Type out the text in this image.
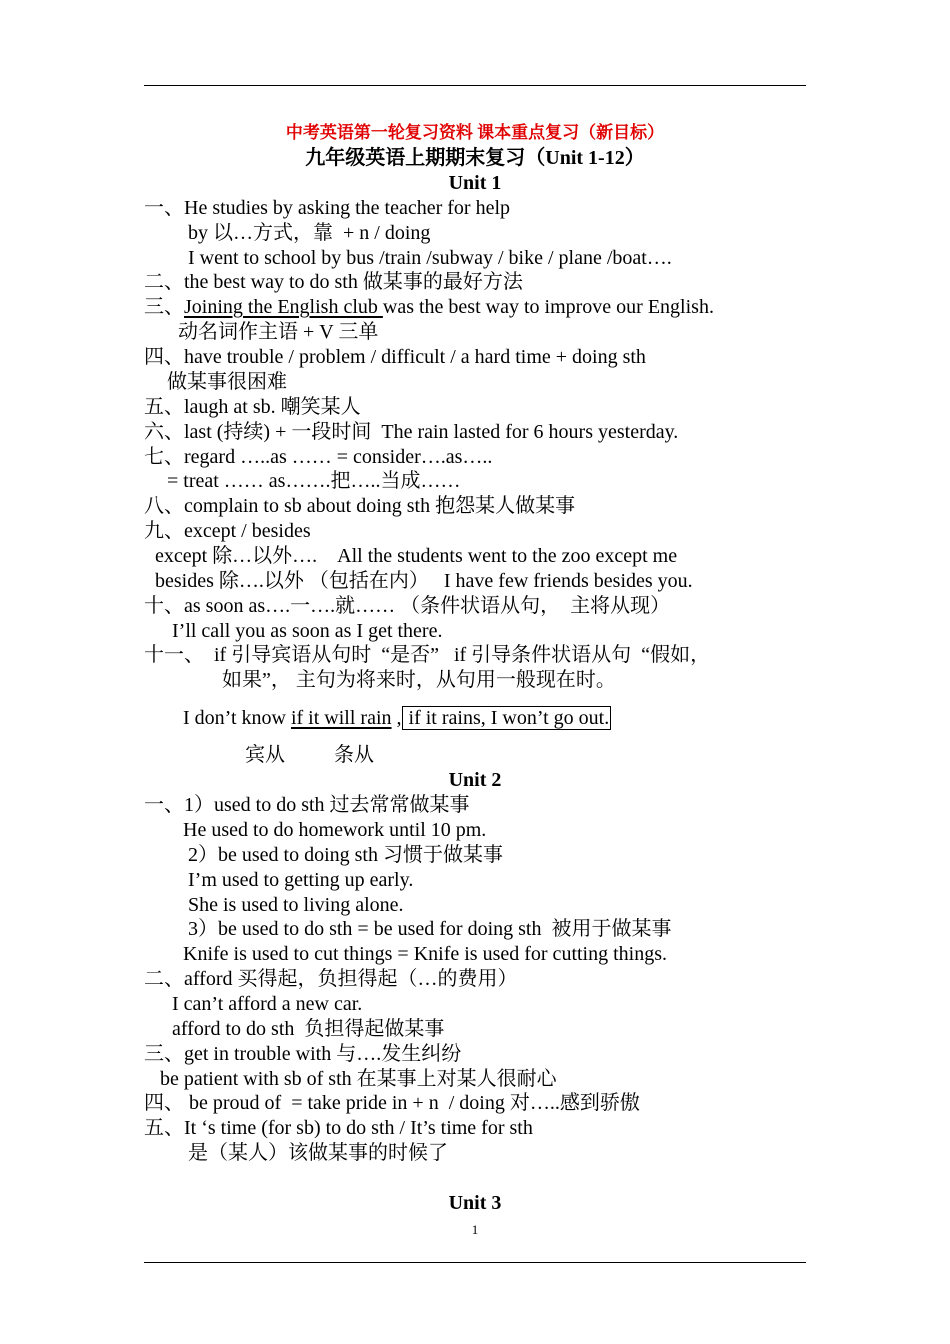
中考英语第一轮复习资料 课本重点复习（新目标）
九年级英语上期期末复习（Unit 1-12）
Unit 1
一、He studies by asking the teacher for help
by 以…方式，靠  + n / doing
I went to school by bus /train /subway / bike / plane /boat….
二、the best way to do sth 做某事的最好方法
三、Joining the English club was the best way to improve our English.
动名词作主语 + V 三单
四、have trouble / problem / difficult / a hard time + doing sth
做某事很困难
五、laugh at sb. 嘲笑某人
六、last (持续) + 一段时间  The rain lasted for 6 hours yesterday.
七、regard …..as …… = consider….as…..
= treat …… as…….把…..当成……
八、complain to sb about doing sth 抱怨某人做某事
九、except / besides
except 除…以外….    All the students went to the zoo except me
besides 除….以外 （包括在内）   I have few friends besides you.
十、as soon as….一….就…… （条件状语从句，  主将从现）
I’ll call you as soon as I get there.
十一、  if 引导宾语从句时  “是否”   if 引导条件状语从句  “假如，
如果”， 主句为将来时，从句用一般现在时。
I don’t know if it will rain , if it rains, I won’t go out.
宾从 条从
Unit 2
一、1）used to do sth 过去常常做某事
He used to do homework until 10 pm.
2）be used to doing sth 习惯于做某事
I’m used to getting up early.
She is used to living alone.
3）be used to do sth = be used for doing sth  被用于做某事
Knife is used to cut things = Knife is used for cutting things.
二、afford 买得起，负担得起（…的费用）
I can’t afford a new car.
afford to do sth  负担得起做某事
三、get in trouble with 与….发生纠纷
be patient with sb of sth 在某事上对某人很耐心
四、 be proud of  = take pride in + n  / doing 对…..感到骄傲
五、It ‘s time (for sb) to do sth / It’s time for sth
是（某人）该做某事的时候了
Unit 3
1
